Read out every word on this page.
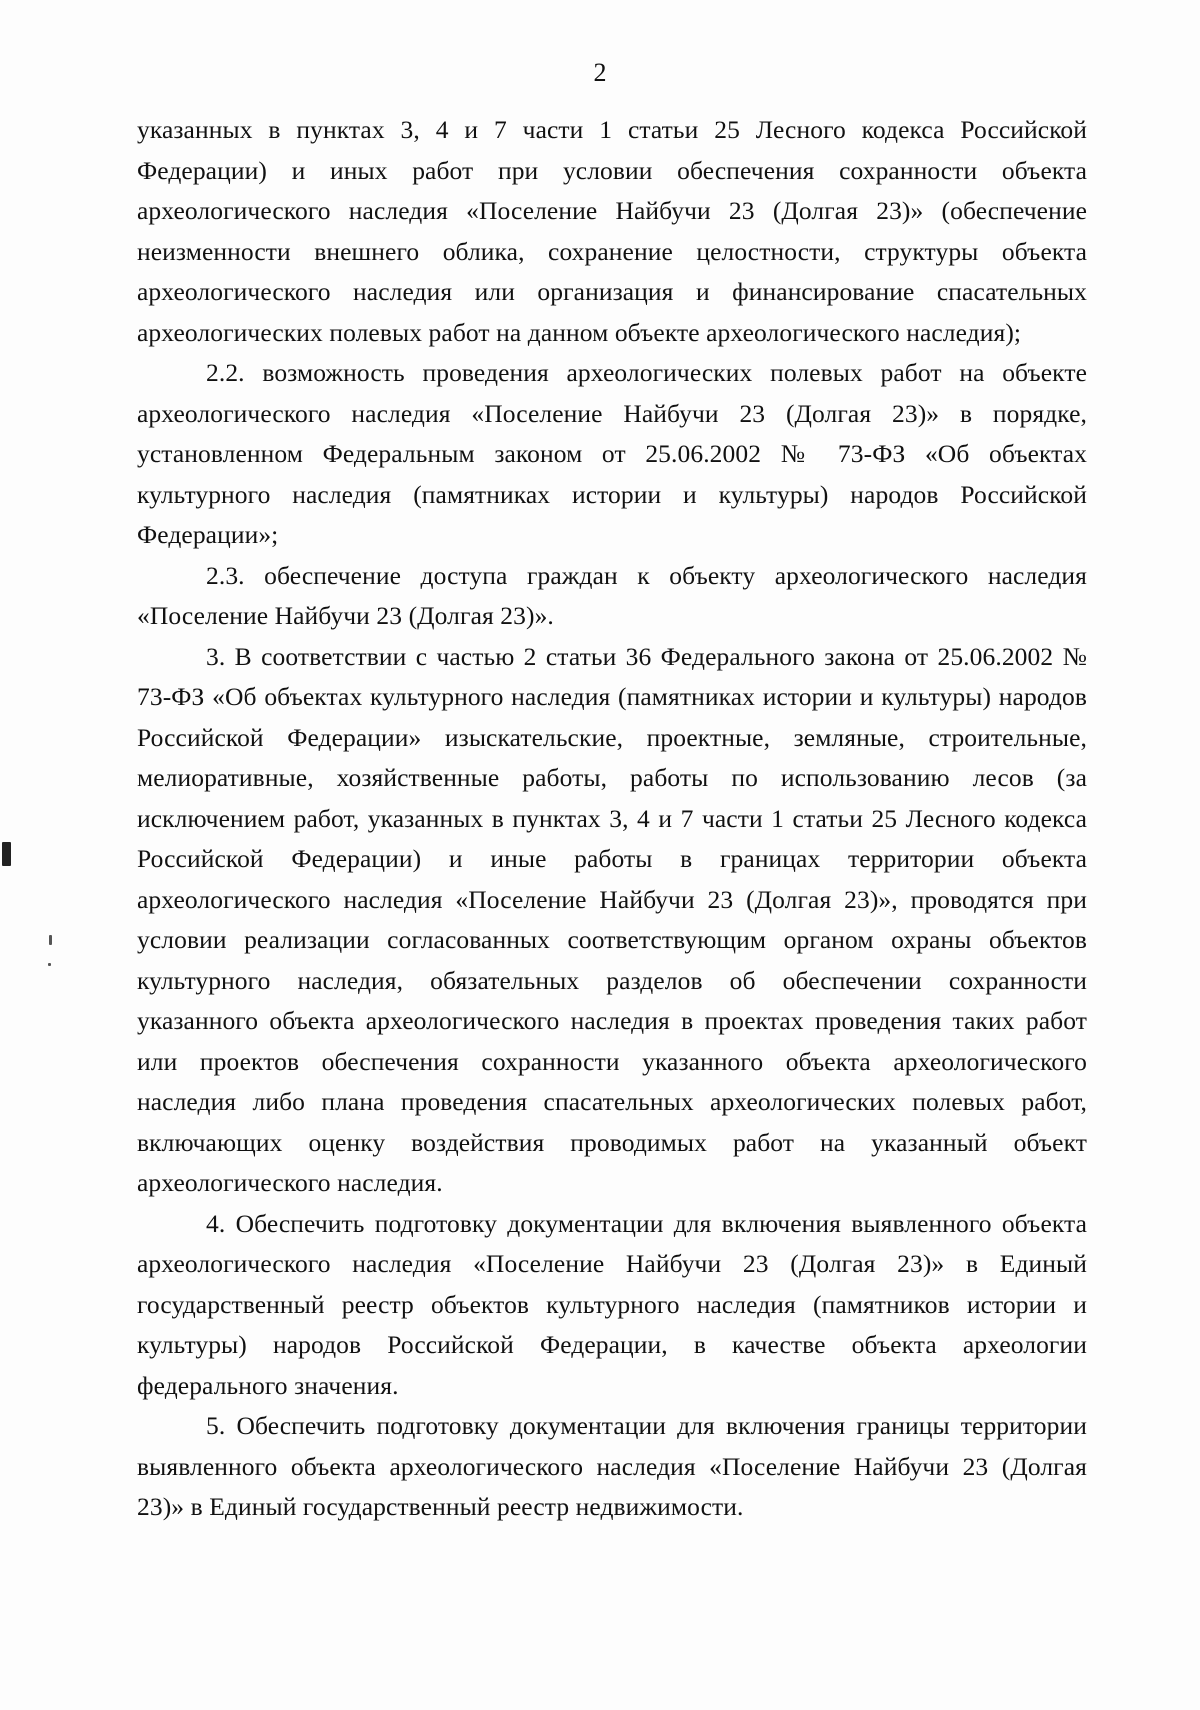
2

указанных в пунктах 3, 4 и 7 части 1 статьи 25 Лесного кодекса Российской Федерации) и иных работ при условии обеспечения сохранности объекта археологического наследия «Поселение Найбучи 23 (Долгая 23)» (обеспечение неизменности внешнего облика, сохранение целостности, структуры объекта археологического наследия или организация и финансирование спасательных археологических полевых работ на данном объекте археологического наследия);

2.2. возможность проведения археологических полевых работ на объекте археологического наследия «Поселение Найбучи 23 (Долгая 23)» в порядке, установленном Федеральным законом от 25.06.2002 № 73-ФЗ «Об объектах культурного наследия (памятниках истории и культуры) народов Российской Федерации»;

2.3. обеспечение доступа граждан к объекту археологического наследия «Поселение Найбучи 23 (Долгая 23)».

3. В соответствии с частью 2 статьи 36 Федерального закона от 25.06.2002 № 73-ФЗ «Об объектах культурного наследия (памятниках истории и культуры) народов Российской Федерации» изыскательские, проектные, земляные, строительные, мелиоративные, хозяйственные работы, работы по использованию лесов (за исключением работ, указанных в пунктах 3, 4 и 7 части 1 статьи 25 Лесного кодекса Российской Федерации) и иные работы в границах территории объекта археологического наследия «Поселение Найбучи 23 (Долгая 23)», проводятся при условии реализации согласованных соответствующим органом охраны объектов культурного наследия, обязательных разделов об обеспечении сохранности указанного объекта археологического наследия в проектах проведения таких работ или проектов обеспечения сохранности указанного объекта археологического наследия либо плана проведения спасательных археологических полевых работ, включающих оценку воздействия проводимых работ на указанный объект археологического наследия.

4. Обеспечить подготовку документации для включения выявленного объекта археологического наследия «Поселение Найбучи 23 (Долгая 23)» в Единый государственный реестр объектов культурного наследия (памятников истории и культуры) народов Российской Федерации, в качестве объекта археологии федерального значения.

5. Обеспечить подготовку документации для включения границы территории выявленного объекта археологического наследия «Поселение Найбучи 23 (Долгая 23)» в Единый государственный реестр недвижимости.
